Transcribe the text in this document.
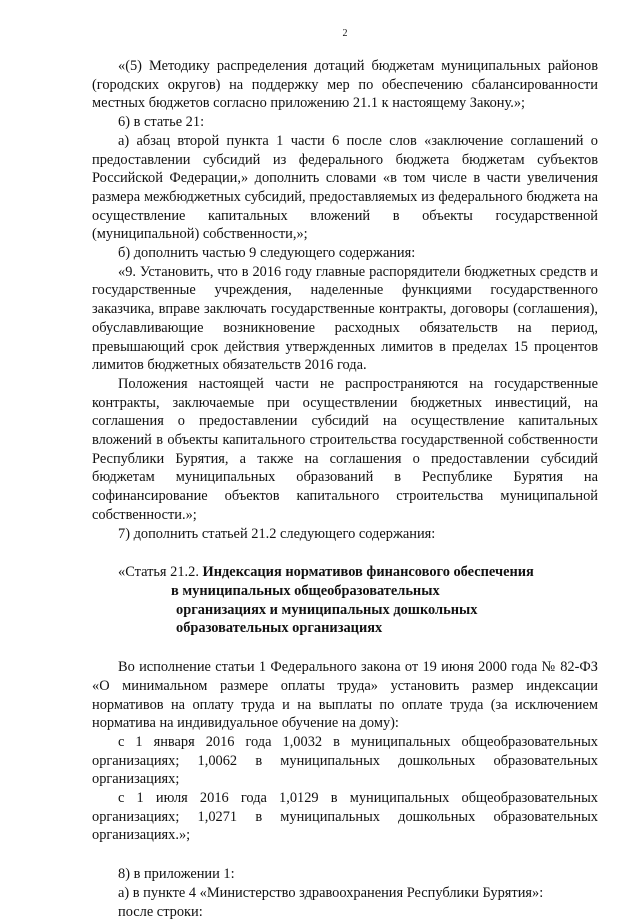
2

«(5) Методику распределения дотаций бюджетам муниципальных районов (городских округов) на поддержку мер по обеспечению сбалансированности местных бюджетов согласно приложению 21.1 к настоящему Закону.»;

6) в статье 21:

а) абзац второй пункта 1 части 6 после слов «заключение соглашений о предоставлении субсидий из федерального бюджета бюджетам субъектов Российской Федерации,» дополнить словами «в том числе в части увеличения размера межбюджетных субсидий, предоставляемых из федерального бюджета на осуществление капитальных вложений в объекты государственной (муниципальной) собственности,»;

б) дополнить частью 9 следующего содержания:

«9. Установить, что в 2016 году главные распорядители бюджетных средств и государственные учреждения, наделенные функциями государственного заказчика, вправе заключать государственные контракты, договоры (соглашения), обуславливающие возникновение расходных обязательств на период, превышающий срок действия утвержденных лимитов в пределах 15 процентов лимитов бюджетных обязательств 2016 года.

Положения настоящей части не распространяются на государственные контракты, заключаемые при осуществлении бюджетных инвестиций, на соглашения о предоставлении субсидий на осуществление капитальных вложений в объекты капитального строительства государственной собственности Республики Бурятия, а также на соглашения о предоставлении субсидий бюджетам муниципальных образований в Республике Бурятия на софинансирование объектов капитального строительства муниципальной собственности.»;

7) дополнить статьей 21.2 следующего содержания:

«Статья 21.2. Индексация нормативов финансового обеспечения
в муниципальных общеобразовательных
организациях и муниципальных дошкольных
образовательных организациях

Во исполнение статьи 1 Федерального закона от 19 июня 2000 года № 82-ФЗ «О минимальном размере оплаты труда» установить размер индексации нормативов на оплату труда и на выплаты по оплате труда (за исключением норматива на индивидуальное обучение на дому):

с 1 января 2016 года 1,0032 в муниципальных общеобразовательных организациях; 1,0062 в муниципальных дошкольных образовательных организациях;

с 1 июля 2016 года 1,0129 в муниципальных общеобразовательных организациях; 1,0271 в муниципальных дошкольных образовательных организациях.»;

8) в приложении 1:

а) в пункте 4 «Министерство здравоохранения Республики Бурятия»:

после строки:
